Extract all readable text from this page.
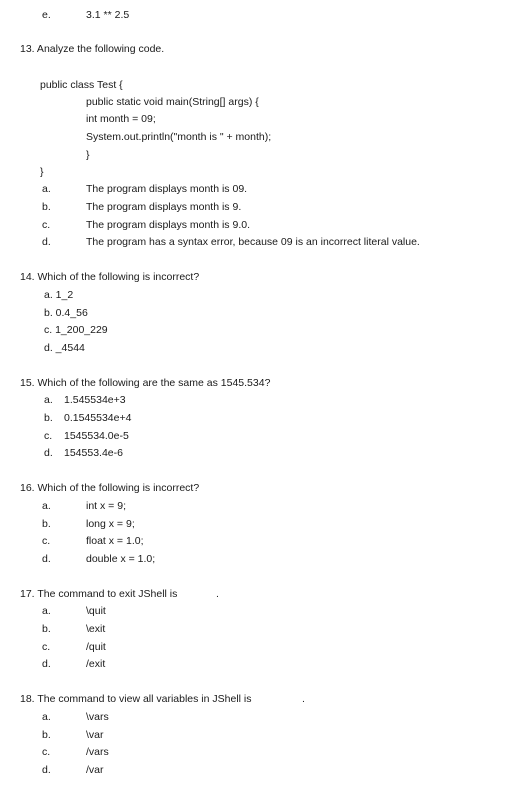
e.	3.1 ** 2.5
13. Analyze the following code.
public class Test {
public static void main(String[] args) {
int month = 09;
System.out.println("month is " + month);
}
}
a.	The program displays month is 09.
b.	The program displays month is 9.
c.	The program displays month is 9.0.
d.	The program has a syntax error, because 09 is an incorrect literal value.
14. Which of the following is incorrect?
a. 1_2
b. 0.4_56
c. 1_200_229
d. _4544
15. Which of the following are the same as 1545.534?
a. 1.545534e+3
b. 0.1545534e+4
c. 1545534.0e-5
d. 154553.4e-6
16. Which of the following is incorrect?
a.	int x = 9;
b.	long x = 9;
c.	float x = 1.0;
d.	double x = 1.0;
17. The command to exit JShell is	.
a.	\quit
b.	\exit
c.	/quit
d.	/exit
18. The command to view all variables in JShell is	.
a.	\vars
b.	\var
c.	/vars
d.	/var
